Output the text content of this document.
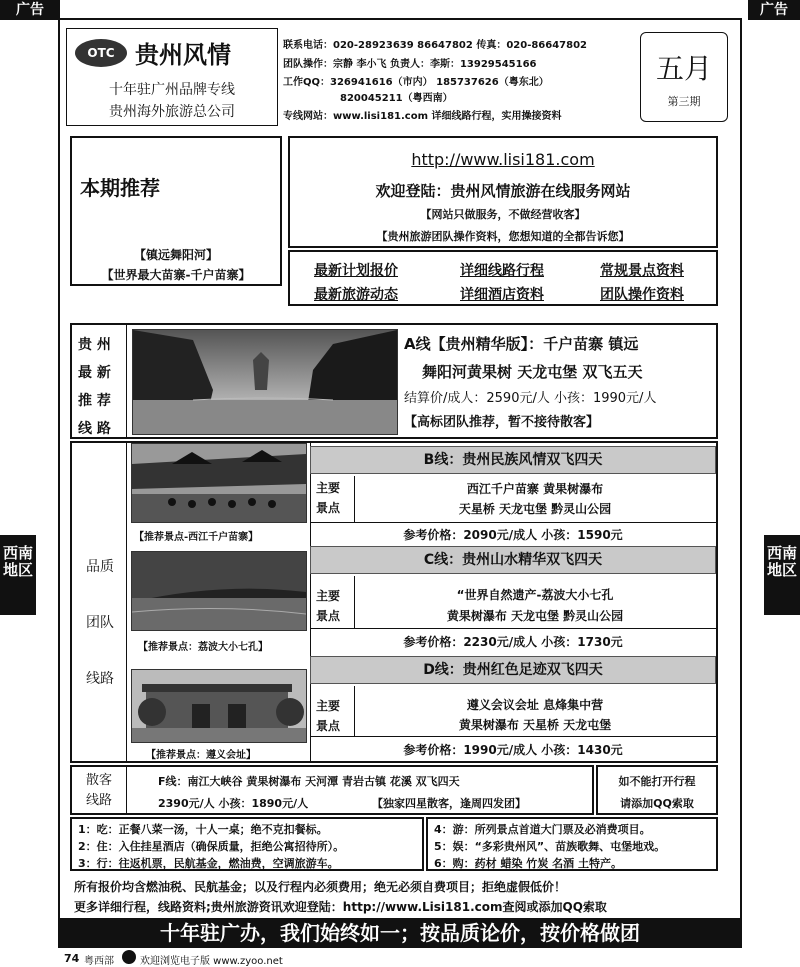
广告	广告
西南地区
西南地区
OTC 贵州风情
十年驻广州品牌专线
贵州海外旅游总公司
联系电话：020-28923639 86647802 传真：020-86647802
团队操作：宗静 李小飞 负责人：李斯：13929545166
工作QQ：326941616（市内） 185737626（粤东北）
820045211（粤西南）
专线网站：www.lisi181.com 详细线路行程，实用操接资料
五月
第三期
本期推荐
【镇远舞阳河】
【世界最大苗寨-千户苗寨】
http://www.lisi181.com
欢迎登陆：贵州风情旅游在线服务网站
【网站只做服务，不做经营收客】
【贵州旅游团队操作资料，您想知道的全都告诉您】
最新计划报价	详细线路行程	常规景点资料
最新旅游动态	详细酒店资料	团队操作资料
贵 州
最 新
推 荐
线 路
A线【贵州精华版】：千户苗寨 镇远
舞阳河黄果树 天龙屯堡 双飞五天
结算价/成人：2590元/人 小孩：1990元/人
【高标团队推荐，暂不接待散客】
品质
团队
线路
【推荐景点-西江千户苗寨】
B线：贵州民族风情双飞四天
主要
景点
西江千户苗寨 黄果树瀑布
天星桥 天龙屯堡 黔灵山公园
参考价格：2090元/成人 小孩：1590元
【推荐景点：荔波大小七孔】
C线：贵州山水精华双飞四天
主要
景点
“世界自然遗产-荔波大小七孔
黄果树瀑布 天龙屯堡 黔灵山公园
参考价格：2230元/成人 小孩：1730元
【推荐景点：遵义会址】
D线：贵州红色足迹双飞四天
主要
景点
遵义会议会址 息烽集中营
黄果树瀑布 天星桥 天龙屯堡
参考价格：1990元/成人 小孩：1430元
散客
线路
F线：南江大峡谷 黄果树瀑布 天河潭 青岩古镇 花溪 双飞四天
2390元/人 小孩：1890元/人	【独家四星散客，逢周四发团】
如不能打开行程
请添加QQ索取
1：吃：正餐八菜一汤，十人一桌；绝不克扣餐标。
2：住：入住挂星酒店（确保质量，拒绝公寓招待所）。
3：行：往返机票，民航基金，燃油费，空调旅游车。
4：游：所列景点首道大门票及必消费项目。
5：娱：“多彩贵州风”、苗族歌舞、屯堡地戏。
6：购：药材 蜡染 竹炭 名酒 土特产。
所有报价均含燃油税、民航基金；以及行程内必须费用；绝无必须自费项目；拒绝虚假低价！
更多详细行程，线路资料;贵州旅游资讯欢迎登陆：http://www.Lisi181.com查阅或添加QQ索取
十年驻广办，我们始终如一；按品质论价，按价格做团
74 粤西部	欢迎浏览电子版 www.zyoo.net
